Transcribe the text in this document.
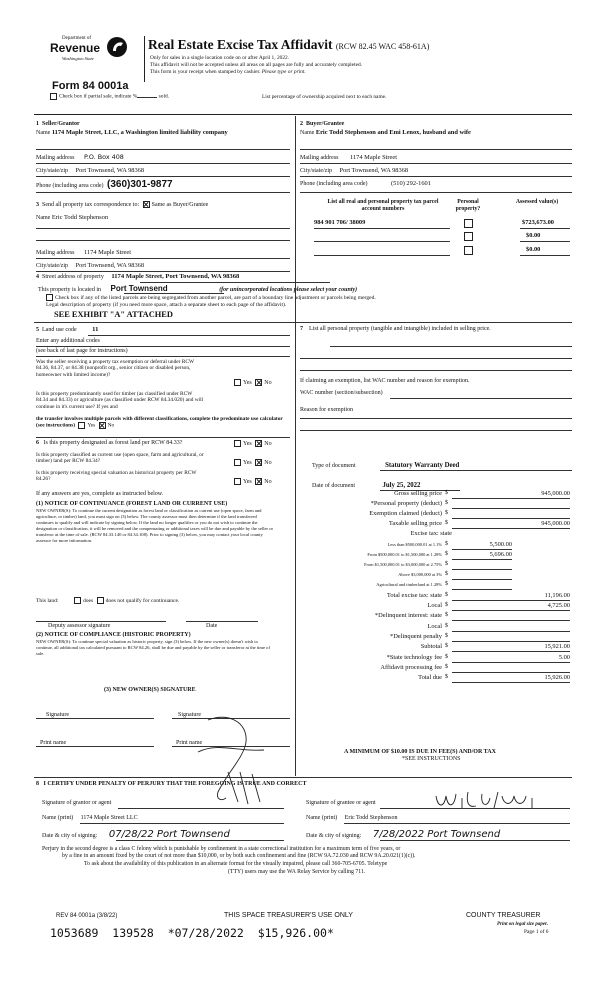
Department of
Revenue
Washington State
Real Estate Excise Tax Affidavit (RCW 82.45 WAC 458-61A)
Only for sales in a single location code on or after April 1, 2022.
This affidavit will not be accepted unless all areas on all pages are fully and accurately completed.
This form is your receipt when stamped by cashier. Please type or print.
Form 84 0001a
Check box if partial sale, indicate %	sold.	List percentage of ownership acquired next to each name.
1 Seller/Grantor
Name 1174 Maple Street, LLC, a Washington limited liability company
Mailing address P.O. Box 408
City/state/zip Port Townsend, WA 98368
Phone (including area code) (360)301-9877
2 Buyer/Grantee
Name Eric Todd Stephenson and Emi Lenox, husband and wife
Mailing address 1174 Maple Street
City/state/zip Port Townsend, WA 98368
Phone (including area code)	(510) 292-1601
3 Send all property tax correspondence to: Same as Buyer/Grantee
Name Eric Todd Stephenson
Mailing address 1174 Maple Street
City/state/zip Port Townsend, WA 98368
List all real and personal property tax parcel account numbers
Personal property?
Assessed value(s)
984 901 706/ 38009	$723,673.00
$0.00
$0.00
4 Street address of property 1174 Maple Street, Port Townsend, WA 98368
This property is located in Port Townsend	(for unincorporated locations please select your county)
Check box if any of the listed parcels are being segregated from another parcel, are part of a boundary line adjustment or parcels being merged.
Legal description of property (if you need more space, attach a separate sheet to each page of the affidavit).
SEE EXHIBIT "A" ATTACHED
5 Land use code 11
Enter any additional codes
(see back of last page for instructions)
Was the seller receiving a property tax exemption or deferral under RCW 84.36, 84.37, or 84.38 (nonprofit org., senior citizen or disabled person, homeowner with limited income)?
Yes No
Is this property predominantly used for timber (as classified under RCW 84.34 and 84.33) or agriculture (as classified under RCW 84.34.020) and will continue in it's current use? If yes and
the transfer involves multiple parcels with different classifications, complete the predominate use calculator (see instructions) Yes No
6 Is this property designated as forest land per RCW 84.33?	Yes No
Is this property classified as current use (open space, farm and agricultural, or timber) land per RCW 84.34?	Yes No
Is this property receiving special valuation as historical property per RCW 84.26?	Yes No
If any answers are yes, complete as instructed below.
(1) NOTICE OF CONTINUANCE (FOREST LAND OR CURRENT USE)
NEW OWNER(S): To continue the current designation as forest land or classification as current use (open space, farm and agriculture, or timber) land, you must sign on (3) below. The county assessor must then determine if the land transferred continues to qualify and will indicate by signing below. If the land no longer qualifies or you do not wish to continue the designation or classification, it will be removed and the compensating or additional taxes will be due and payable by the seller or transferor at the time of sale. (RCW 84.33.140 or 84.34.108). Prior to signing (3) below, you may contact your local county assessor for more information.
This land:	does does not qualify for continuance.
Deputy assessor signature	Date
(2) NOTICE OF COMPLIANCE (HISTORIC PROPERTY)
NEW OWNER(S): To continue special valuation as historic property, sign (3) below. If the new owner(s) doesn't wish to continue, all additional tax calculated pursuant to RCW 84.26, shall be due and payable by the seller or transferor at the time of sale.
(3) NEW OWNER(S) SIGNATURE
Signature	Signature
Print name	Print name
7 List all personal property (tangible and intangible) included in selling price.
If claiming an exemption, list WAC number and reason for exemption.
WAC number (section/subsection)
Reason for exemption
Type of document	Statutory Warranty Deed
Date of document	July 25, 2022
Gross selling price $	945,000.00
*Personal property (deduct) $
Exemption claimed (deduct) $
Taxable selling price $	945,000.00
Excise tax: state
Less than $500,000.01 at 1.1% $	5,500.00
From $500,000.01 to $1,500,000 at 1.28% $	5,696.00
From $1,500,000.01 to $3,000,000 at 2.75% $
Above $3,000,000 at 3% $
Agricultural and timberland at 1.28% $
Total excise tax: state $	11,196.00
Local $	4,725.00
*Delinquent interest: state $
Local $
*Delinquent penalty $
Subtotal $	15,921.00
*State technology fee $	5.00
Affidavit processing fee $
Total due $	15,926.00
A MINIMUM OF $10.00 IS DUE IN FEE(S) AND/OR TAX
*SEE INSTRUCTIONS
8 I CERTIFY UNDER PENALTY OF PERJURY THAT THE FOREGOING IS TRUE AND CORRECT
Signature of grantor or agent	Signature of grantee or agent
Name (print) 1174 Maple Street LLC	Name (print) Eric Todd Stephenson
Date & city of signing: 07/28/22 Port Townsend	Date & city of signing: 7/28/2022 Port Townsend
Perjury in the second degree is a class C felony which is punishable by confinement in a state correctional institution for a maximum term of five years, or
by a fine in an amount fixed by the court of not more than $10,000, or by both such confinement and fine (RCW 9A.72.030 and RCW 9A.20.021(1)(c)).
To ask about the availability of this publication in an alternate format for the visually impaired, please call 360-705-6705. Teletype
(TTY) users may use the WA Relay Service by calling 711.
REV 84 0001a (3/8/22)	THIS SPACE TREASURER'S USE ONLY	COUNTY TREASURER
Print on legal size paper.
Page 1 of 6
1053689  139528  *07/28/2022  $15,926.00*
